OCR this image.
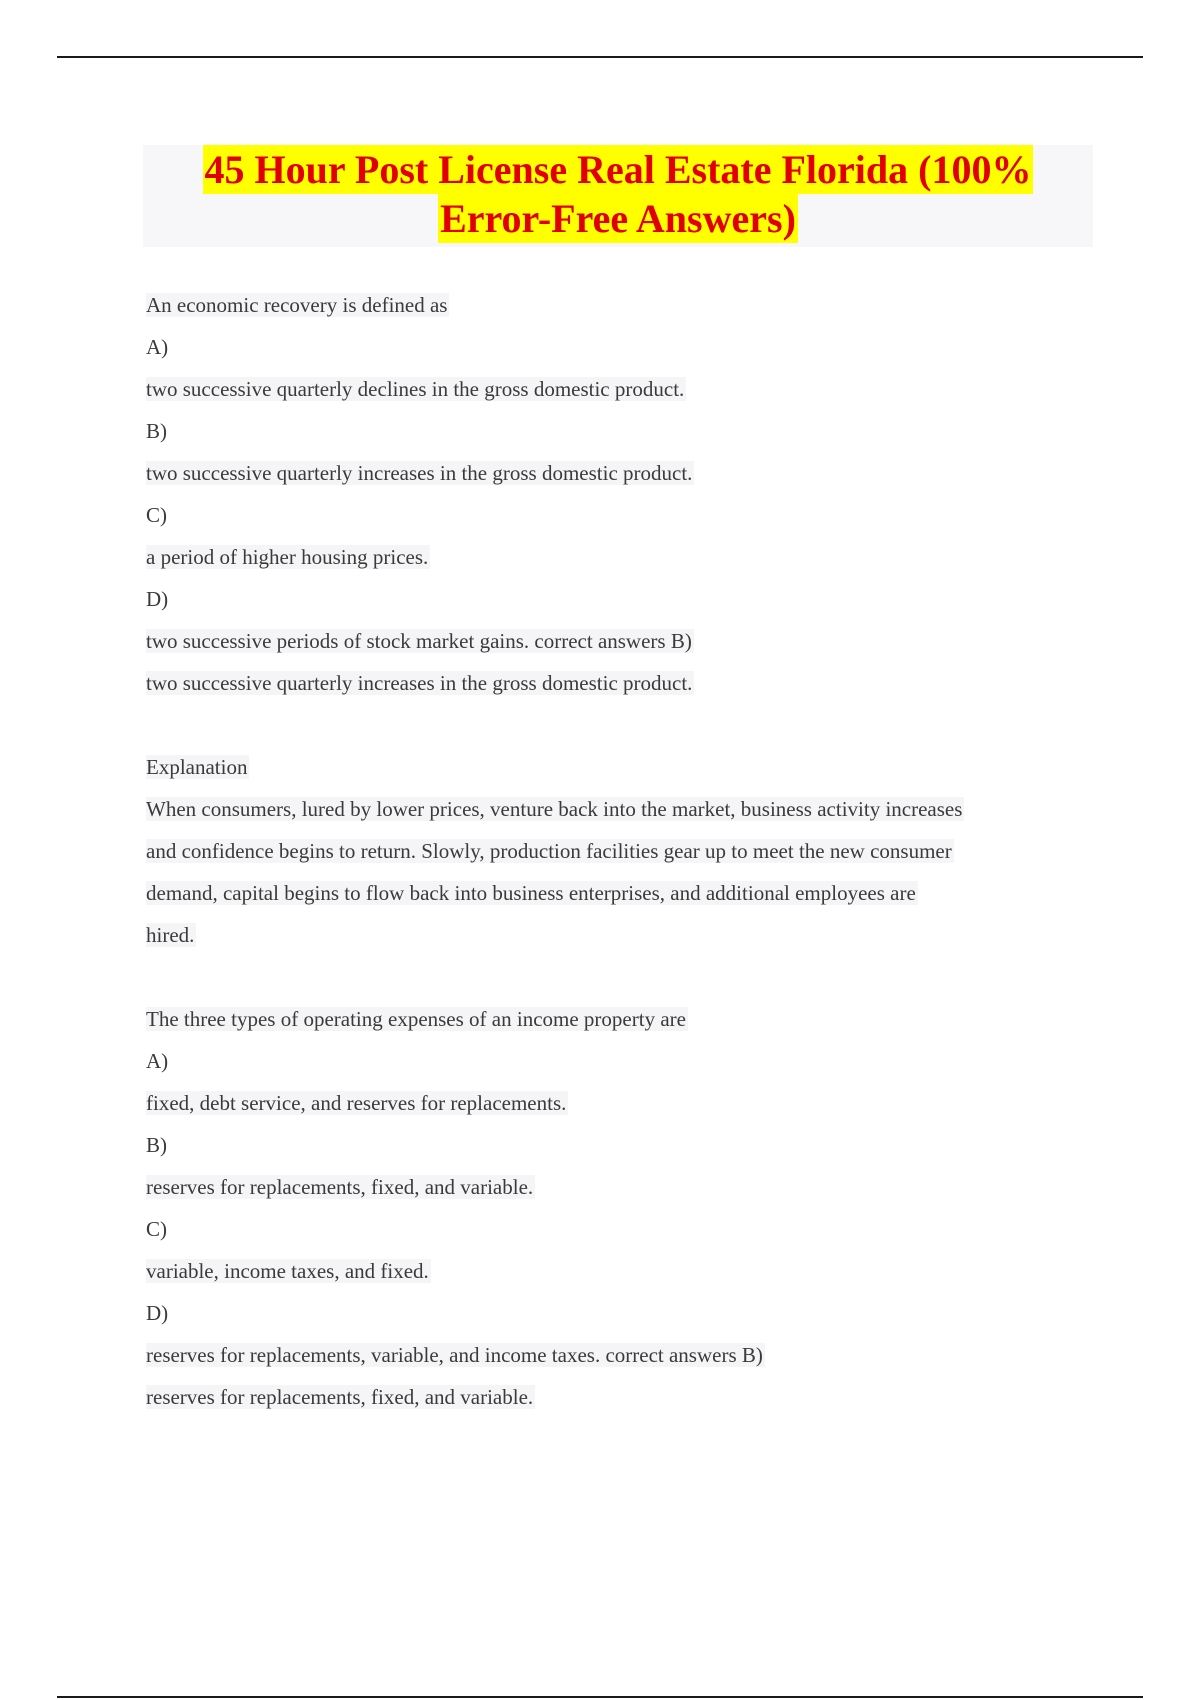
45 Hour Post License Real Estate Florida (100%
Error-Free Answers)
An economic recovery is defined as
A)
two successive quarterly declines in the gross domestic product.
B)
two successive quarterly increases in the gross domestic product.
C)
a period of higher housing prices.
D)
two successive periods of stock market gains. correct answers B)
two successive quarterly increases in the gross domestic product.
Explanation
When consumers, lured by lower prices, venture back into the market, business activity increases
and confidence begins to return. Slowly, production facilities gear up to meet the new consumer
demand, capital begins to flow back into business enterprises, and additional employees are
hired.
The three types of operating expenses of an income property are
A)
fixed, debt service, and reserves for replacements.
B)
reserves for replacements, fixed, and variable.
C)
variable, income taxes, and fixed.
D)
reserves for replacements, variable, and income taxes. correct answers B)
reserves for replacements, fixed, and variable.
